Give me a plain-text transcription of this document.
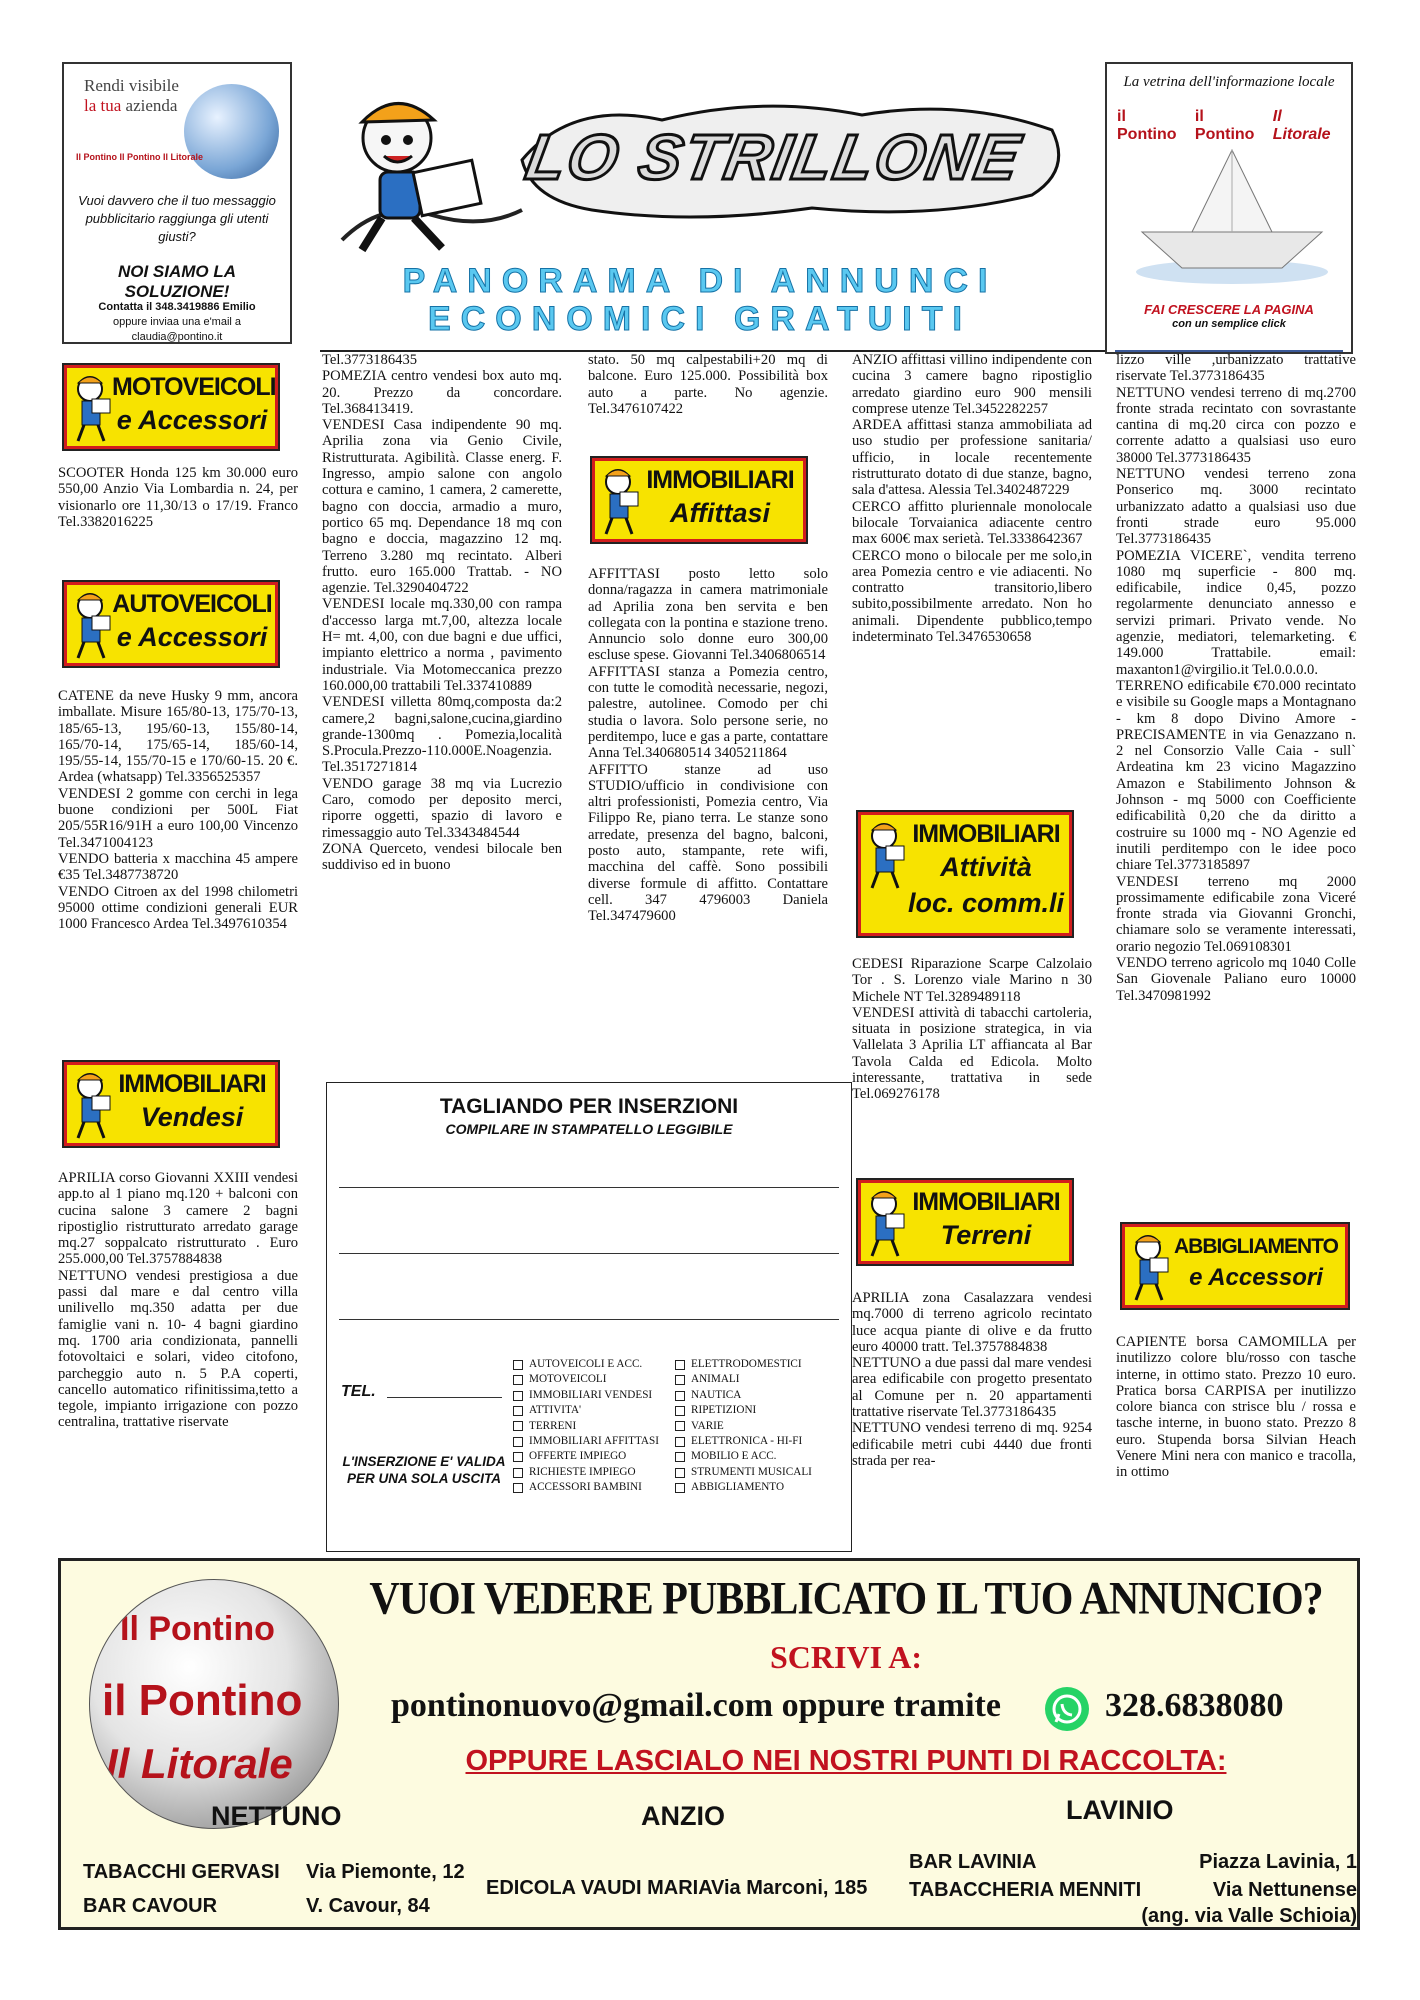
Rendi visibile
la tua azienda
Il Pontino Il Pontino Il Litorale
Vuoi davvero che il tuo messaggio pubblicitario raggiunga gli utenti giusti?
NOI SIAMO LA SOLUZIONE!
Contatta il 348.3419886 Emilio
oppure inviaa una e'mail a claudia@pontino.it
LO STRILLONE
PANORAMA DI ANNUNCI
ECONOMICI GRATUITI
La vetrina dell'informazione locale
il Pontino
il Pontino
Il Litorale
FAI CRESCERE LA PAGINA
con un semplice click
MOTOVEICOLI
e Accessori
SCOOTER Honda 125 km 30.000 euro 550,00 Anzio Via Lombardia n. 24, per visionarlo ore 11,30/13 o 17/19. Franco Tel.3382016225
AUTOVEICOLI
e Accessori
CATENE da neve Husky 9 mm, ancora imballate. Misure 165/80-13, 175/70-13, 185/65-13, 195/60-13, 155/80-14, 165/70-14, 175/65-14, 185/60-14, 195/55-14, 155/70-15 e 170/60-15. 20 €. Ardea (whatsapp) Tel.3356525357
VENDESI 2 gomme con cerchi in lega buone condizioni per 500L Fiat 205/55R16/91H a euro 100,00 Vincenzo Tel.3471004123
VENDO batteria x macchina 45 ampere €35 Tel.3487738720
VENDO Citroen ax del 1998 chilometri 95000 ottime condizioni generali EUR 1000 Francesco Ardea Tel.3497610354
IMMOBILIARI
Vendesi
APRILIA corso Giovanni XXIII vendesi app.to al 1 piano mq.120 + balconi con cucina salone 3 camere 2 bagni ripostiglio ristrutturato arredato garage mq.27 soppalcato ristrutturato . Euro 255.000,00 Tel.3757884838
NETTUNO vendesi prestigiosa a due passi dal mare e dal centro villa unilivello mq.350 adatta per due famiglie vani n. 10- 4 bagni giardino mq. 1700 aria condizionata, pannelli fotovoltaici e solari, video citofono, parcheggio auto n. 5 P.A coperti, cancello automatico rifinitissima,tetto a tegole, impianto irrigazione con pozzo centralina, trattative riservate
Tel.3773186435
POMEZIA centro vendesi box auto mq. 20. Prezzo da concordare. Tel.368413419.
VENDESI Casa indipendente 90 mq. Aprilia zona via Genio Civile, Ristrutturata. Agibilità. Classe energ. F. Ingresso, ampio salone con angolo cottura e camino, 1 camera, 2 camerette, bagno con doccia, armadio a muro, portico 65 mq. Dependance 18 mq con bagno e doccia, magazzino 12 mq. Terreno 3.280 mq recintato. Alberi frutto. euro 165.000 Trattab. - NO agenzie. Tel.3290404722
VENDESI locale mq.330,00 con rampa d'accesso larga mt.7,00, altezza locale H= mt. 4,00, con due bagni e due uffici, impianto elettrico a norma , pavimento industriale. Via Motomeccanica prezzo 160.000,00 trattabili Tel.337410889
VENDESI villetta 80mq,composta da:2 camere,2 bagni,salone,cucina,giardino grande-1300mq . Pomezia,località S.Procula.Prezzo-110.000E.Noagenzia. Tel.3517271814
VENDO garage 38 mq via Lucrezio Caro, comodo per deposito merci, riporre oggetti, spazio di lavoro e rimessaggio auto Tel.3343484544
ZONA Querceto, vendesi bilocale ben suddiviso ed in buono
stato. 50 mq calpestabili+20 mq di balcone. Euro 125.000. Possibilità box auto a parte. No agenzie. Tel.3476107422
IMMOBILIARI
Affittasi
AFFITTASI posto letto solo donna/ragazza in camera matrimoniale ad Aprilia zona ben servita e ben collegata con la pontina e stazione treno. Annuncio solo donne euro 300,00 escluse spese. Giovanni Tel.3406806514
AFFITTASI stanza a Pomezia centro, con tutte le comodità necessarie, negozi, palestre, autolinee. Comodo per chi studia o lavora. Solo persone serie, no perditempo, luce e gas a parte, contattare Anna Tel.340680514 3405211864
AFFITTO stanze ad uso STUDIO/ufficio in condivisione con altri professionisti, Pomezia centro, Via Filippo Re, piano terra. Le stanze sono arredate, presenza del bagno, balconi, posto auto, stampante, rete wifi, macchina del caffè. Sono possibili diverse formule di affitto. Contattare cell. 347 4796003 Daniela Tel.347479600
ANZIO affittasi villino indipendente con cucina 3 camere bagno ripostiglio arredato giardino euro 900 mensili comprese utenze Tel.3452282257
ARDEA affittasi stanza ammobiliata ad uso studio per professione sanitaria/ ufficio, in locale recentemente ristrutturato dotato di due stanze, bagno, sala d'attesa. Alessia Tel.3402487229
CERCO affitto pluriennale monolocale bilocale Torvaianica adiacente centro max 600€ max serietà. Tel.3338642367
CERCO mono o bilocale per me solo,in area Pomezia centro e vie adiacenti. No contratto transitorio,libero subito,possibilmente arredato. Non ho animali. Dipendente pubblico,tempo indeterminato Tel.3476530658
IMMOBILIARI
Attività
loc. comm.li
CEDESI Riparazione Scarpe Calzolaio Tor . S. Lorenzo viale Marino n 30 Michele NT Tel.3289489118
VENDESI attività di tabacchi cartoleria, situata in posizione strategica, in via Vallelata 3 Aprilia LT affiancata al Bar Tavola Calda ed Edicola. Molto interessante, trattativa in sede Tel.069276178
IMMOBILIARI
Terreni
APRILIA zona Casalazzara vendesi mq.7000 di terreno agricolo recintato luce acqua piante di olive e da frutto euro 40000 tratt. Tel.3757884838
NETTUNO a due passi dal mare vendesi area edificabile con progetto presentato al Comune per n. 20 appartamenti trattative riservate Tel.3773186435
NETTUNO vendesi terreno di mq. 9254 edificabile metri cubi 4440 due fronti strada per rea-
lizzo ville ,urbanizzato trattative riservate Tel.3773186435
NETTUNO vendesi terreno di mq.2700 fronte strada recintato con sovrastante cantina di mq.20 circa con pozzo e corrente adatto a qualsiasi uso euro 38000 Tel.3773186435
NETTUNO vendesi terreno zona Ponserico mq. 3000 recintato urbanizzato adatto a qualsiasi uso due fronti strade euro 95.000 Tel.3773186435
POMEZIA VICERE`, vendita terreno 1080 mq superficie - 800 mq. edificabile, indice 0,45, pozzo regolarmente denunciato annesso e servizi primari. Privato vende. No agenzie, mediatori, telemarketing. € 149.000 Trattabile. email: maxanton1@virgilio.it Tel.0.0.0.0.
TERRENO edificabile €70.000 recintato e visibile su Google maps a Montagnano - km 8 dopo Divino Amore - PRECISAMENTE in via Genazzano n. 2 nel Consorzio Valle Caia - sull` Ardeatina km 23 vicino Magazzino Amazon e Stabilimento Johnson & Johnson - mq 5000 con Coefficiente edificabilità 0,20 che da diritto a costruire su 1000 mq - NO Agenzie ed inutili perditempo con le idee poco chiare Tel.3773185897
VENDESI terreno mq 2000 prossimamente edificabile zona Viceré fronte strada via Giovanni Gronchi, chiamare solo se veramente interessati, orario negozio Tel.069108301
VENDO terreno agricolo mq 1040 Colle San Giovenale Paliano euro 10000 Tel.3470981992
ABBIGLIAMENTO
e Accessori
CAPIENTE borsa CAMOMILLA per inutilizzo colore blu/rosso con tasche interne, in ottimo stato. Prezzo 10 euro. Pratica borsa CARPISA per inutilizzo colore bianca con strisce blu / rossa e tasche interne, in buono stato. Prezzo 8 euro. Stupenda borsa Silvian Heach Venere Mini nera con manico e tracolla, in ottimo
TAGLIANDO PER INSERZIONI
COMPILARE IN STAMPATELLO LEGGIBILE
TEL.
L'INSERZIONE E' VALIDA PER UNA SOLA USCITA
AUTOVEICOLI E ACC.
MOTOVEICOLI
IMMOBILIARI VENDESI
ATTIVITA'
TERRENI
IMMOBILIARI AFFITTASI
OFFERTE IMPIEGO
RICHIESTE IMPIEGO
ACCESSORI BAMBINI
ELETTRODOMESTICI
ANIMALI
NAUTICA
RIPETIZIONI
VARIE
ELETTRONICA - HI-FI
MOBILIO E ACC.
STRUMENTI MUSICALI
ABBIGLIAMENTO
Il Pontino
il Pontino
Il Litorale
VUOI VEDERE PUBBLICATO IL TUO ANNUNCIO?
SCRIVI A:
pontinonuovo@gmail.com oppure tramite	328.6838080
OPPURE LASCIALO NEI NOSTRI PUNTI DI RACCOLTA:
NETTUNO	ANZIO	LAVINIO
TABACCHI GERVASI Via Piemonte, 12
BAR CAVOUR	V. Cavour, 84
EDICOLA VAUDI MARIA
Via Marconi, 185
BAR LAVINIA	Piazza Lavinia, 1
TABACCHERIA MENNITI	Via Nettunense
(ang. via Valle Schioia)
